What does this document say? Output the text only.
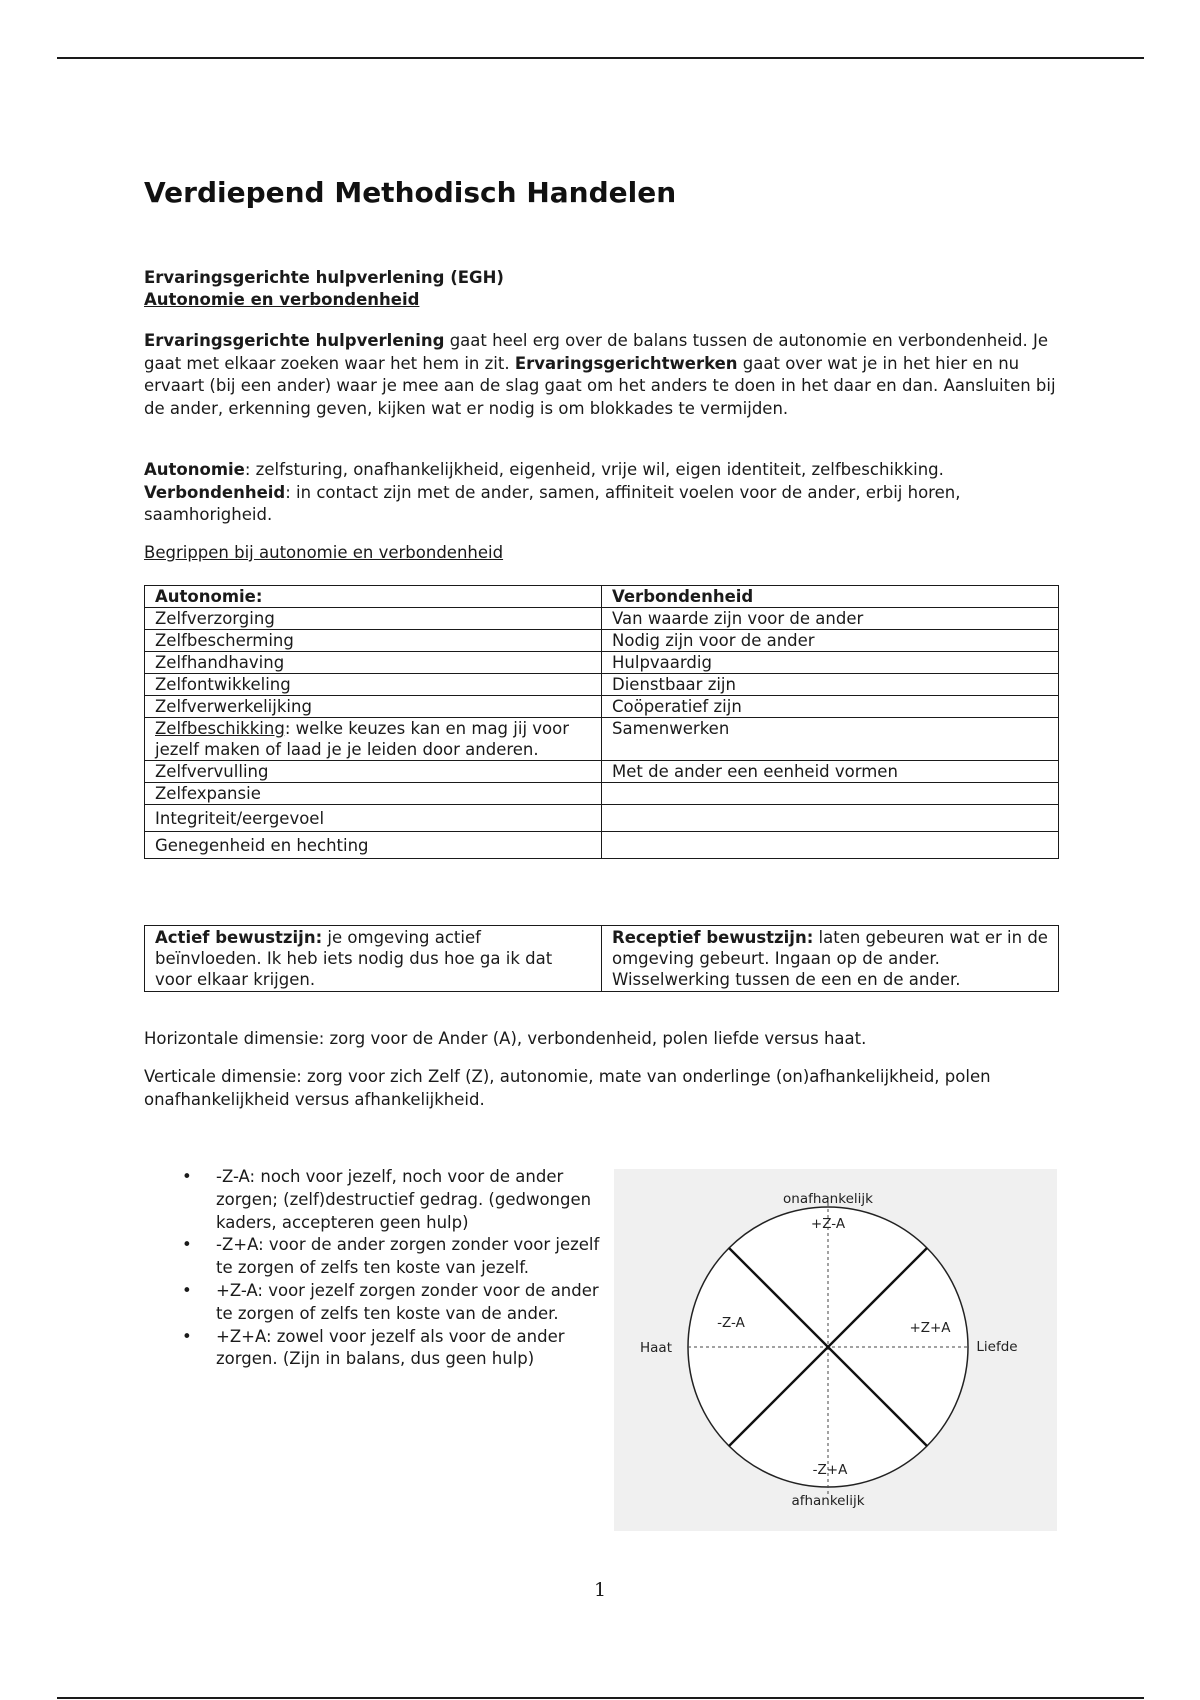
Verdiepend Methodisch Handelen
Ervaringsgerichte hulpverlening (EGH)
Autonomie en verbondenheid
Ervaringsgerichte hulpverlening gaat heel erg over de balans tussen de autonomie en verbondenheid. Je gaat met elkaar zoeken waar het hem in zit. Ervaringsgerichtwerken gaat over wat je in het hier en nu ervaart (bij een ander) waar je mee aan de slag gaat om het anders te doen in het daar en dan. Aansluiten bij de ander, erkenning geven, kijken wat er nodig is om blokkades te vermijden.
Autonomie: zelfsturing, onafhankelijkheid, eigenheid, vrije wil, eigen identiteit, zelfbeschikking.
Verbondenheid: in contact zijn met de ander, samen, affiniteit voelen voor de ander, erbij horen, saamhorigheid.
Begrippen bij autonomie en verbondenheid
Autonomie:	Verbondenheid
Zelfverzorging	Van waarde zijn voor de ander
Zelfbescherming	Nodig zijn voor de ander
Zelfhandhaving	Hulpvaardig
Zelfontwikkeling	Dienstbaar zijn
Zelfverwerkelijking	Coöperatief zijn
Zelfbeschikking: welke keuzes kan en mag jij voor jezelf maken of laad je je leiden door anderen.	Samenwerken
Zelfvervulling	Met de ander een eenheid vormen
Zelfexpansie	
Integriteit/eergevoel	
Genegenheid en hechting	
Actief bewustzijn: je omgeving actief beïnvloeden. Ik heb iets nodig dus hoe ga ik dat voor elkaar krijgen.	Receptief bewustzijn: laten gebeuren wat er in de omgeving gebeurt. Ingaan op de ander. Wisselwerking tussen de een en de ander.
Horizontale dimensie: zorg voor de Ander (A), verbondenheid, polen liefde versus haat.
Verticale dimensie: zorg voor zich Zelf (Z), autonomie, mate van onderlinge (on)afhankelijkheid, polen onafhankelijkheid versus afhankelijkheid.
• -Z-A: noch voor jezelf, noch voor de ander zorgen; (zelf)destructief gedrag. (gedwongen kaders, accepteren geen hulp)
• -Z+A: voor de ander zorgen zonder voor jezelf te zorgen of zelfs ten koste van jezelf.
• +Z-A: voor jezelf zorgen zonder voor de ander te zorgen of zelfs ten koste van de ander.
• +Z+A: zowel voor jezelf als voor de ander zorgen. (Zijn in balans, dus geen hulp)
onafhankelijk
+Z-A
-Z-A	+Z+A
Haat	Liefde
-Z+A
afhankelijk
1
